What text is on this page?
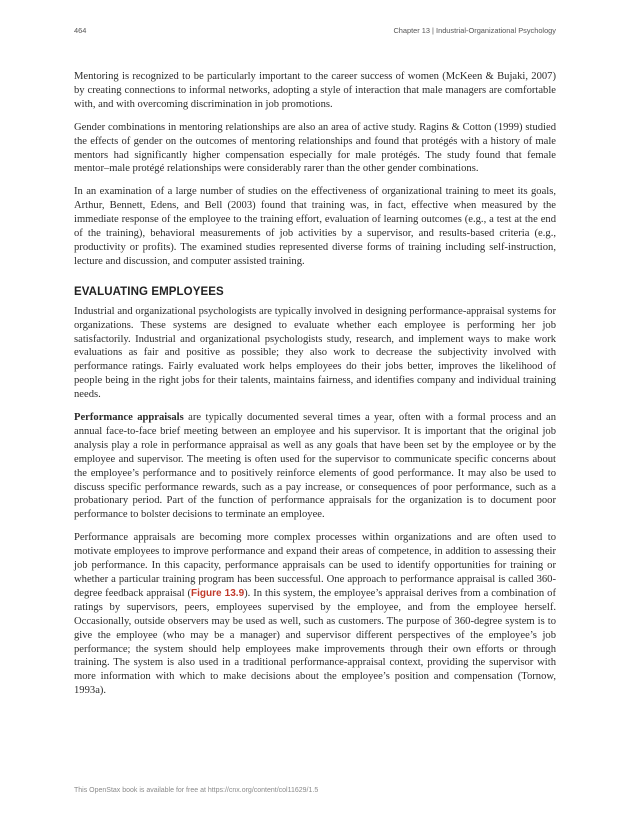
464	Chapter 13 | Industrial-Organizational Psychology

Mentoring is recognized to be particularly important to the career success of women (McKeen & Bujaki, 2007) by creating connections to informal networks, adopting a style of interaction that male managers are comfortable with, and with overcoming discrimination in job promotions.

Gender combinations in mentoring relationships are also an area of active study. Ragins & Cotton (1999) studied the effects of gender on the outcomes of mentoring relationships and found that protégés with a history of male mentors had significantly higher compensation especially for male protégés. The study found that female mentor–male protégé relationships were considerably rarer than the other gender combinations.

In an examination of a large number of studies on the effectiveness of organizational training to meet its goals, Arthur, Bennett, Edens, and Bell (2003) found that training was, in fact, effective when measured by the immediate response of the employee to the training effort, evaluation of learning outcomes (e.g., a test at the end of the training), behavioral measurements of job activities by a supervisor, and results-based criteria (e.g., productivity or profits). The examined studies represented diverse forms of training including self-instruction, lecture and discussion, and computer assisted training.

EVALUATING EMPLOYEES

Industrial and organizational psychologists are typically involved in designing performance-appraisal systems for organizations. These systems are designed to evaluate whether each employee is performing her job satisfactorily. Industrial and organizational psychologists study, research, and implement ways to make work evaluations as fair and positive as possible; they also work to decrease the subjectivity involved with performance ratings. Fairly evaluated work helps employees do their jobs better, improves the likelihood of people being in the right jobs for their talents, maintains fairness, and identifies company and individual training needs.

Performance appraisals are typically documented several times a year, often with a formal process and an annual face-to-face brief meeting between an employee and his supervisor. It is important that the original job analysis play a role in performance appraisal as well as any goals that have been set by the employee or by the employee and supervisor. The meeting is often used for the supervisor to communicate specific concerns about the employee’s performance and to positively reinforce elements of good performance. It may also be used to discuss specific performance rewards, such as a pay increase, or consequences of poor performance, such as a probationary period. Part of the function of performance appraisals for the organization is to document poor performance to bolster decisions to terminate an employee.

Performance appraisals are becoming more complex processes within organizations and are often used to motivate employees to improve performance and expand their areas of competence, in addition to assessing their job performance. In this capacity, performance appraisals can be used to identify opportunities for training or whether a particular training program has been successful. One approach to performance appraisal is called 360-degree feedback appraisal (Figure 13.9). In this system, the employee’s appraisal derives from a combination of ratings by supervisors, peers, employees supervised by the employee, and from the employee herself. Occasionally, outside observers may be used as well, such as customers. The purpose of 360-degree system is to give the employee (who may be a manager) and supervisor different perspectives of the employee’s job performance; the system should help employees make improvements through their own efforts or through training. The system is also used in a traditional performance-appraisal context, providing the supervisor with more information with which to make decisions about the employee’s position and compensation (Tornow, 1993a).

This OpenStax book is available for free at https://cnx.org/content/col11629/1.5
